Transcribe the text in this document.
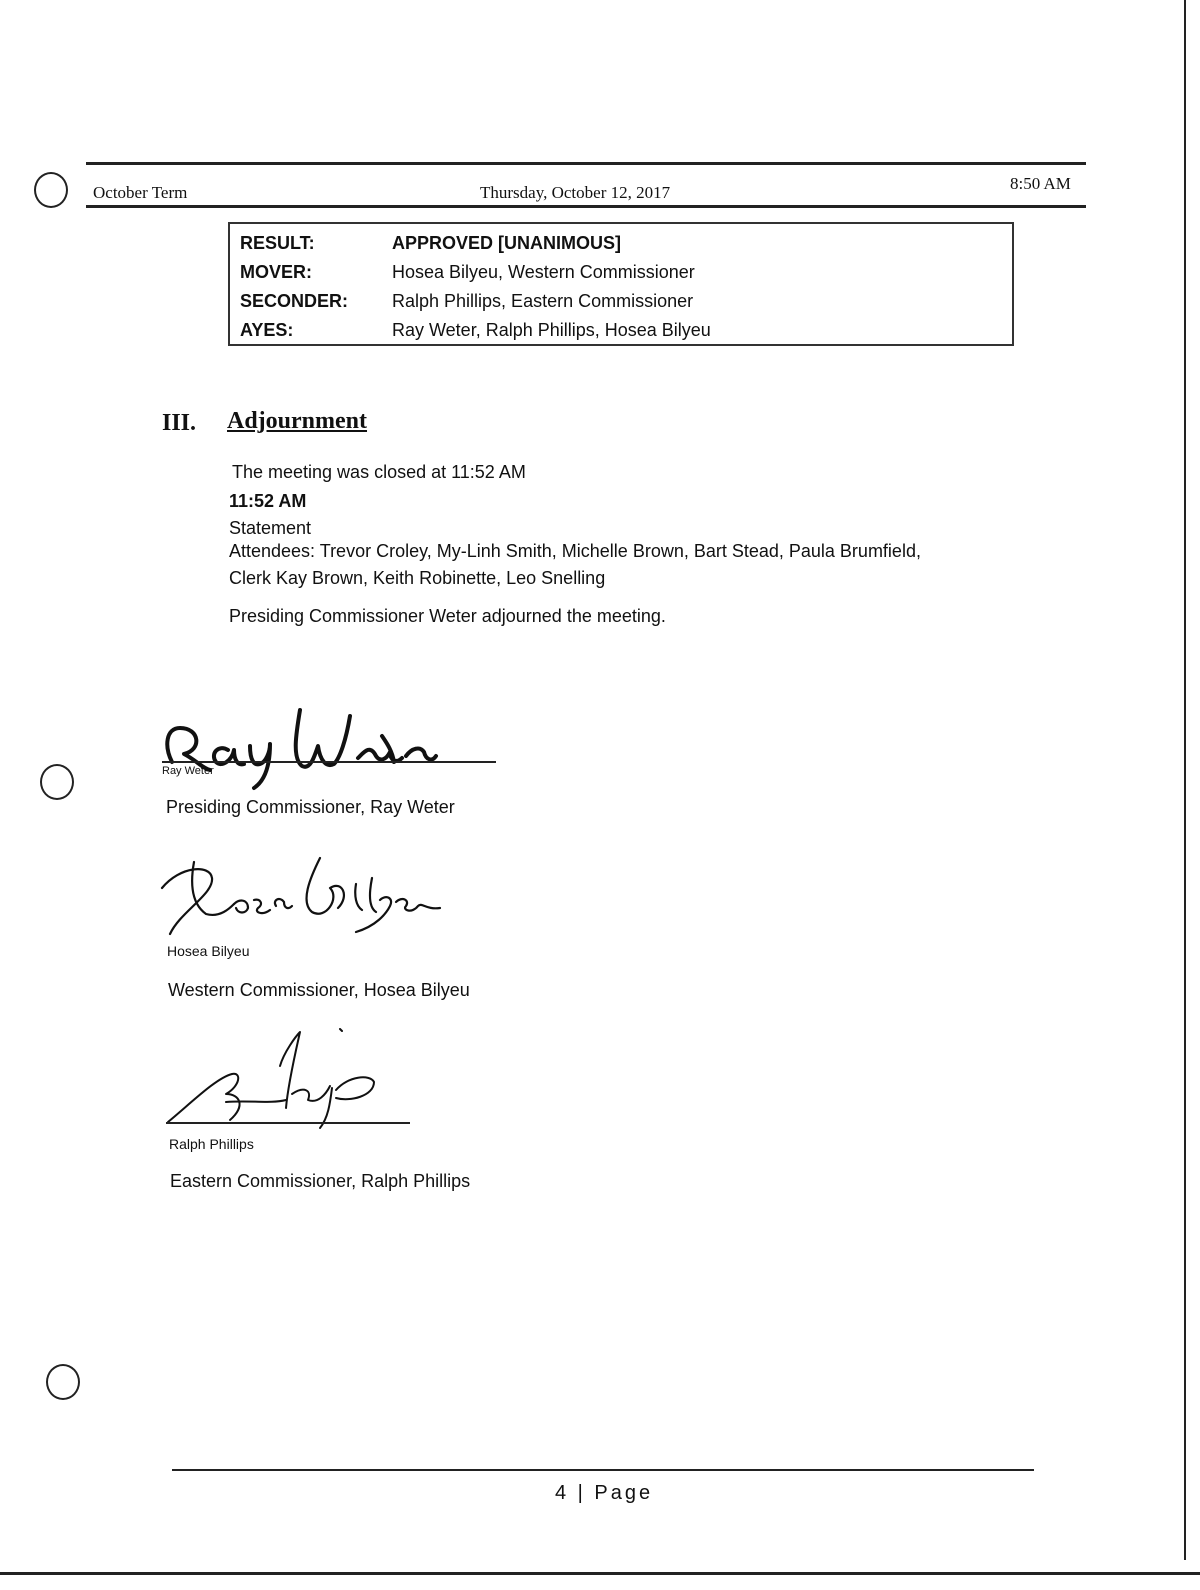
October Term	Thursday, October 12, 2017	8:50 AM
RESULT:	APPROVED [UNANIMOUS]
MOVER:	Hosea Bilyeu, Western Commissioner
SECONDER: Ralph Phillips, Eastern Commissioner
AYES:	Ray Weter, Ralph Phillips, Hosea Bilyeu
III. Adjournment
The meeting was closed at 11:52 AM
11:52 AM
Statement
Attendees: Trevor Croley, My-Linh Smith, Michelle Brown, Bart Stead, Paula Brumfield,
Clerk Kay Brown, Keith Robinette, Leo Snelling
Presiding Commissioner Weter adjourned the meeting.
Ray Weter
Presiding Commissioner, Ray Weter
Hosea Bilyeu
Western Commissioner, Hosea Bilyeu
Ralph Phillips
Eastern Commissioner, Ralph Phillips
4 | Page
